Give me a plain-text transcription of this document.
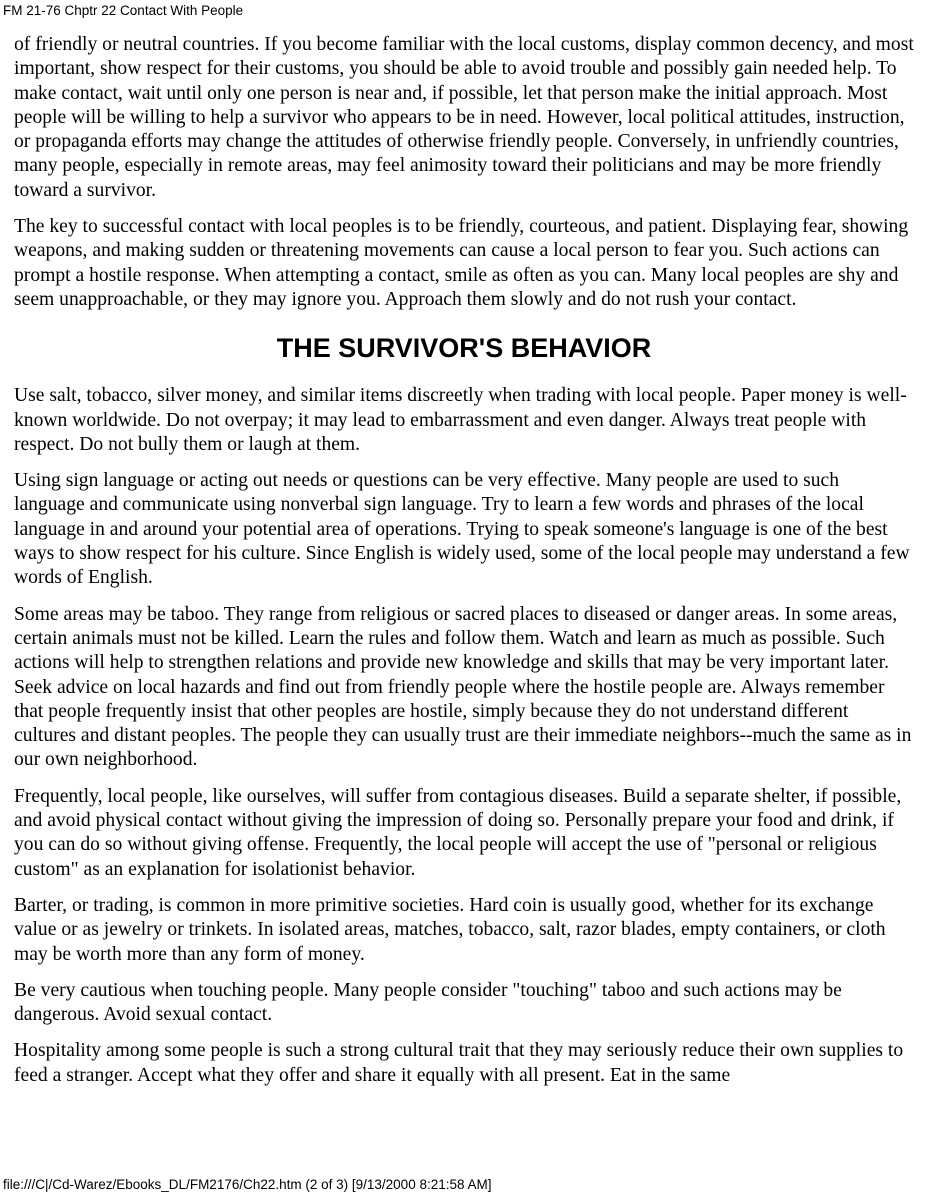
FM 21-76 Chptr 22 Contact With People

of friendly or neutral countries. If you become familiar with the local customs, display common decency, and most important, show respect for their customs, you should be able to avoid trouble and possibly gain needed help. To make contact, wait until only one person is near and, if possible, let that person make the initial approach. Most people will be willing to help a survivor who appears to be in need. However, local political attitudes, instruction, or propaganda efforts may change the attitudes of otherwise friendly people. Conversely, in unfriendly countries, many people, especially in remote areas, may feel animosity toward their politicians and may be more friendly toward a survivor.

The key to successful contact with local peoples is to be friendly, courteous, and patient. Displaying fear, showing weapons, and making sudden or threatening movements can cause a local person to fear you. Such actions can prompt a hostile response. When attempting a contact, smile as often as you can. Many local peoples are shy and seem unapproachable, or they may ignore you. Approach them slowly and do not rush your contact.

THE SURVIVOR'S BEHAVIOR

Use salt, tobacco, silver money, and similar items discreetly when trading with local people. Paper money is well-known worldwide. Do not overpay; it may lead to embarrassment and even danger. Always treat people with respect. Do not bully them or laugh at them.

Using sign language or acting out needs or questions can be very effective. Many people are used to such language and communicate using nonverbal sign language. Try to learn a few words and phrases of the local language in and around your potential area of operations. Trying to speak someone's language is one of the best ways to show respect for his culture. Since English is widely used, some of the local people may understand a few words of English.

Some areas may be taboo. They range from religious or sacred places to diseased or danger areas. In some areas, certain animals must not be killed. Learn the rules and follow them. Watch and learn as much as possible. Such actions will help to strengthen relations and provide new knowledge and skills that may be very important later. Seek advice on local hazards and find out from friendly people where the hostile people are. Always remember that people frequently insist that other peoples are hostile, simply because they do not understand different cultures and distant peoples. The people they can usually trust are their immediate neighbors--much the same as in our own neighborhood.

Frequently, local people, like ourselves, will suffer from contagious diseases. Build a separate shelter, if possible, and avoid physical contact without giving the impression of doing so. Personally prepare your food and drink, if you can do so without giving offense. Frequently, the local people will accept the use of "personal or religious custom" as an explanation for isolationist behavior.

Barter, or trading, is common in more primitive societies. Hard coin is usually good, whether for its exchange value or as jewelry or trinkets. In isolated areas, matches, tobacco, salt, razor blades, empty containers, or cloth may be worth more than any form of money.

Be very cautious when touching people. Many people consider "touching" taboo and such actions may be dangerous. Avoid sexual contact.

Hospitality among some people is such a strong cultural trait that they may seriously reduce their own supplies to feed a stranger. Accept what they offer and share it equally with all present. Eat in the same

file:///C|/Cd-Warez/Ebooks_DL/FM2176/Ch22.htm (2 of 3) [9/13/2000 8:21:58 AM]
